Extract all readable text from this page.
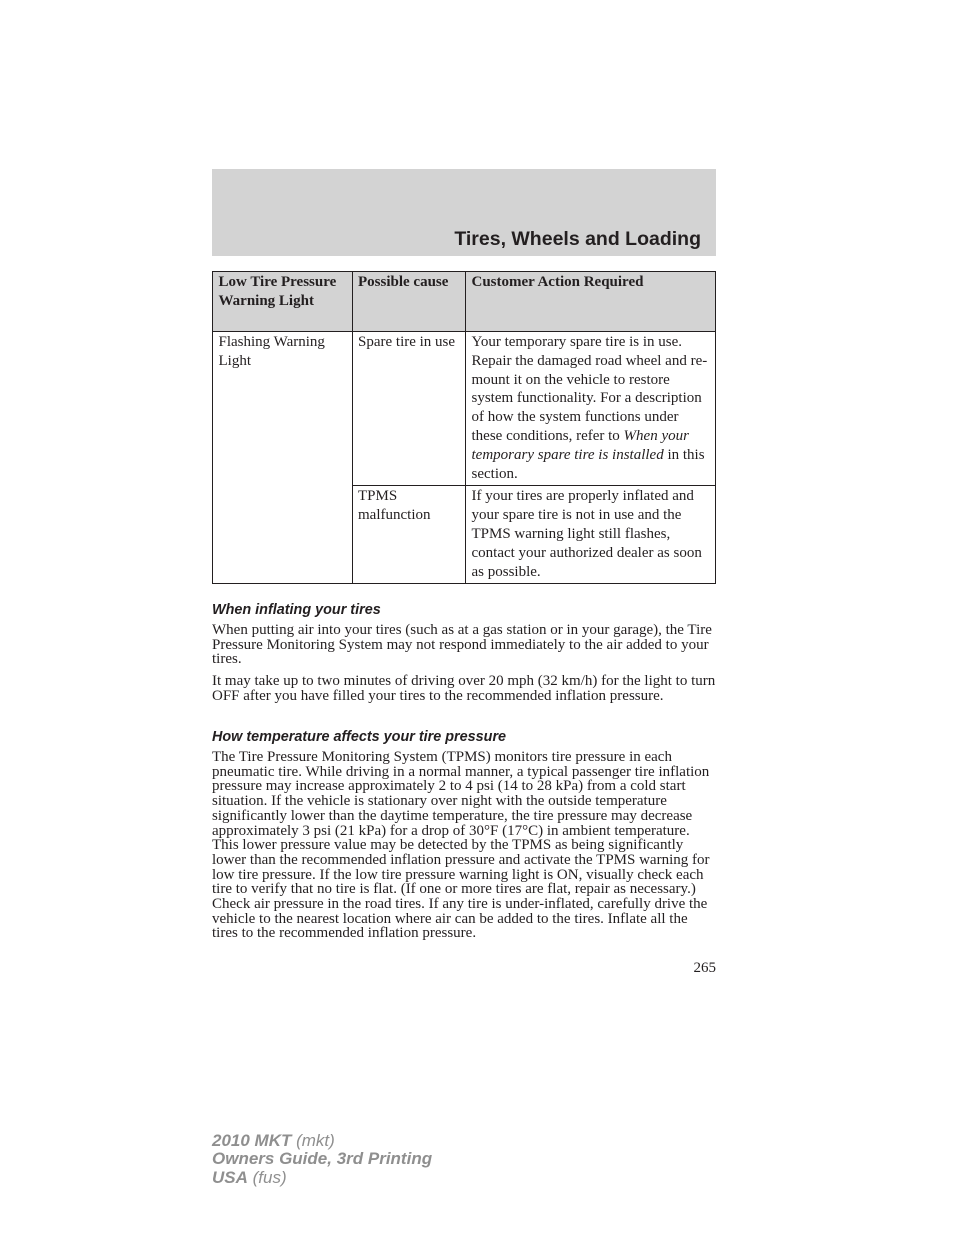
Tires, Wheels and Loading
Low Tire Pressure Warning Light	Possible cause	Customer Action Required
Flashing Warning Light	Spare tire in use	Your temporary spare tire is in use. Repair the damaged road wheel and re-mount it on the vehicle to restore system functionality. For a description of how the system functions under these conditions, refer to When your temporary spare tire is installed in this section.
	TPMS malfunction	If your tires are properly inflated and your spare tire is not in use and the TPMS warning light still flashes, contact your authorized dealer as soon as possible.
When inflating your tires

When putting air into your tires (such as at a gas station or in your garage), the Tire Pressure Monitoring System may not respond immediately to the air added to your tires.

It may take up to two minutes of driving over 20 mph (32 km/h) for the light to turn OFF after you have filled your tires to the recommended inflation pressure.

How temperature affects your tire pressure

The Tire Pressure Monitoring System (TPMS) monitors tire pressure in each pneumatic tire. While driving in a normal manner, a typical passenger tire inflation pressure may increase approximately 2 to 4 psi (14 to 28 kPa) from a cold start situation. If the vehicle is stationary over night with the outside temperature significantly lower than the daytime temperature, the tire pressure may decrease approximately 3 psi (21 kPa) for a drop of 30°F (17°C) in ambient temperature. This lower pressure value may be detected by the TPMS as being significantly lower than the recommended inflation pressure and activate the TPMS warning for low tire pressure. If the low tire pressure warning light is ON, visually check each tire to verify that no tire is flat. (If one or more tires are flat, repair as necessary.) Check air pressure in the road tires. If any tire is under-inflated, carefully drive the vehicle to the nearest location where air can be added to the tires. Inflate all the tires to the recommended inflation pressure.

265
2010 MKT (mkt)
Owners Guide, 3rd Printing
USA (fus)
